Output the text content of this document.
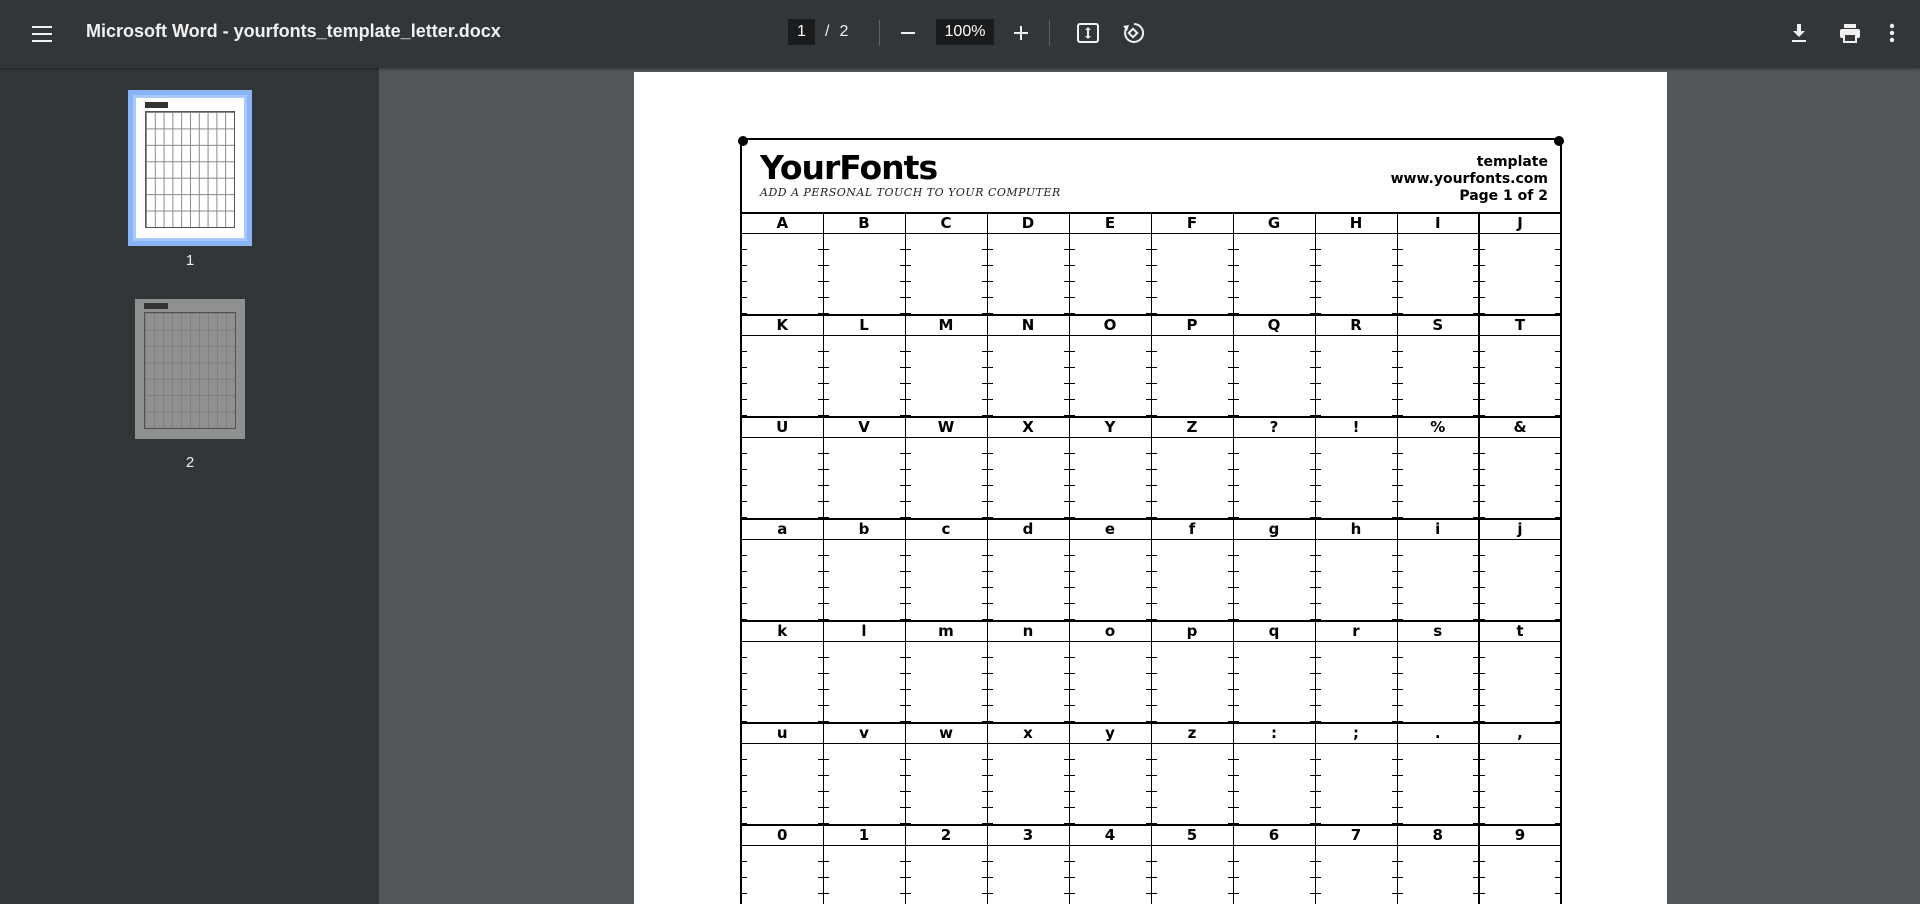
Microsoft Word - yourfonts_template_letter.docx
1	/ 2
100%
1
2
YourFonts
ADD A PERSONAL TOUCH TO YOUR COMPUTER
template
www.yourfonts.com
Page 1 of 2
A	B	C	D	E	F	G	H	I	J

K	L	M	N	O	P	Q	R	S	T

U	V	W	X	Y	Z	?	!	%	&

a	b	c	d	e	f	g	h	i	j

k	l	m	n	o	p	q	r	s	t

u	v	w	x	y	z	:	;	.	,

0	1	2	3	4	5	6	7	8	9
